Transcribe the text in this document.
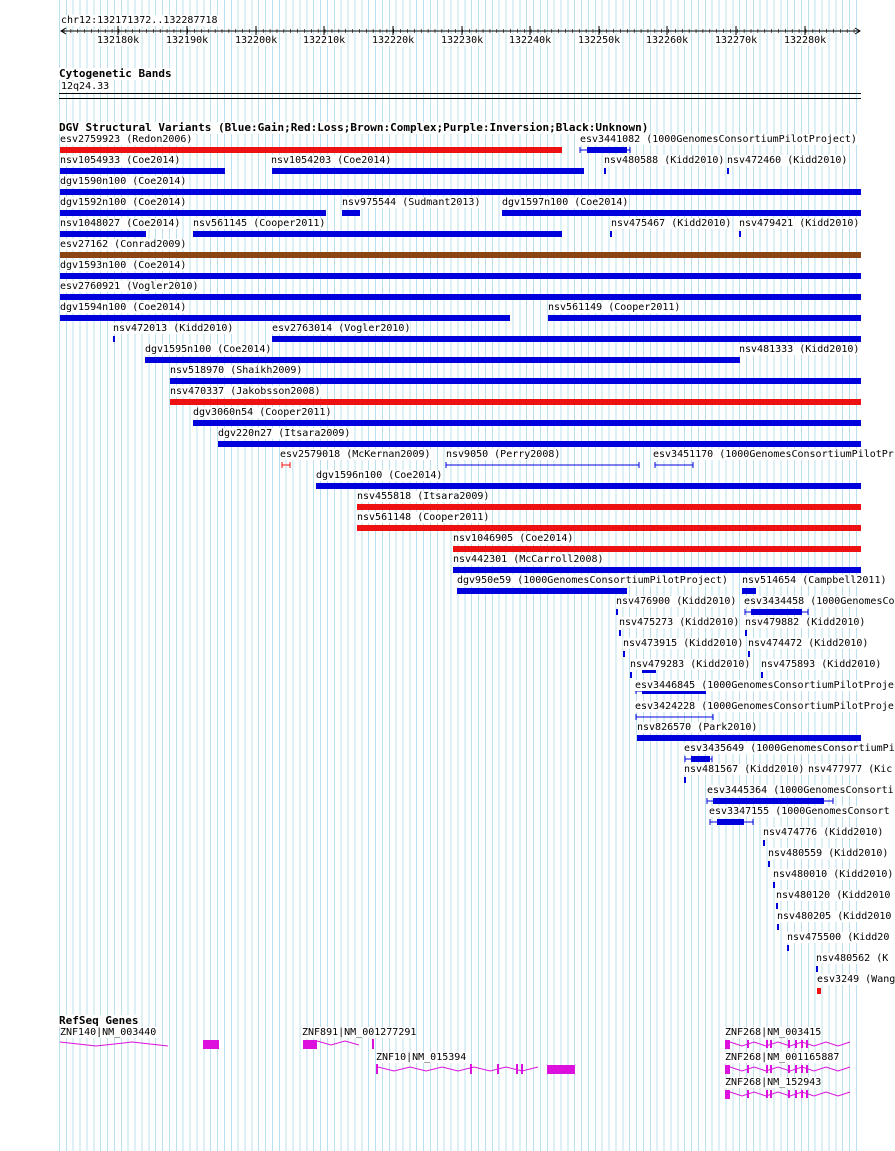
chr12:132171372..132287718
132180k	132190k	132200k	132210k	132220k	132230k	132240k	132250k	132260k	132270k	132280k
Cytogenetic Bands
12q24.33
DGV Structural Variants (Blue:Gain;Red:Loss;Brown:Complex;Purple:Inversion;Black:Unknown)
esv2759923 (Redon2006)	esv3441082 (1000GenomesConsortiumPilotProject)
nsv1054933 (Coe2014)	nsv1054203 (Coe2014)	nsv480588 (Kidd2010) nsv472460 (Kidd2010)
dgv1590n100 (Coe2014)
dgv1592n100 (Coe2014)	nsv975544 (Sudmant2013) dgv1597n100 (Coe2014)
nsv1048027 (Coe2014) nsv561145 (Cooper2011)	nsv475467 (Kidd2010) nsv479421 (Kidd2010)
esv27162 (Conrad2009)
dgv1593n100 (Coe2014)
esv2760921 (Vogler2010)
dgv1594n100 (Coe2014)	nsv561149 (Cooper2011)
nsv472013 (Kidd2010)	esv2763014 (Vogler2010)
dgv1595n100 (Coe2014)	nsv481333 (Kidd2010)
nsv518970 (Shaikh2009)
nsv470337 (Jakobsson2008)
dgv3060n54 (Cooper2011)
dgv220n27 (Itsara2009)
esv2579018 (McKernan2009) nsv9050 (Perry2008)	esv3451170 (1000GenomesConsortiumPilotPr
dgv1596n100 (Coe2014)
nsv455818 (Itsara2009)
nsv561148 (Cooper2011)
nsv1046905 (Coe2014)
nsv442301 (McCarroll2008)
dgv950e59 (1000GenomesConsortiumPilotProject) nsv514654 (Campbell2011)
nsv476900 (Kidd2010) esv3434458 (1000GenomesCo
nsv475273 (Kidd2010) nsv479882 (Kidd2010)
nsv473915 (Kidd2010) nsv474472 (Kidd2010)
nsv479283 (Kidd2010) nsv475893 (Kidd2010)
esv3446845 (1000GenomesConsortiumPilotProje
esv3424228 (1000GenomesConsortiumPilotProje
nsv826570 (Park2010)
esv3435649 (1000GenomesConsortiumPi
nsv481567 (Kidd2010) nsv477977 (Kic
esv3445364 (1000GenomesConsorti
esv3347155 (1000GenomesConsort
nsv474776 (Kidd2010)
nsv480559 (Kidd2010)
nsv480010 (Kidd2010)
nsv480120 (Kidd2010
nsv480205 (Kidd2010
nsv475500 (Kidd20
nsv480562 (K
esv3249 (Wang
RefSeq Genes
ZNF140|NM_003440	ZNF891|NM_001277291
ZNF10|NM_015394
ZNF268|NM_003415
ZNF268|NM_001165887
ZNF268|NM_152943
